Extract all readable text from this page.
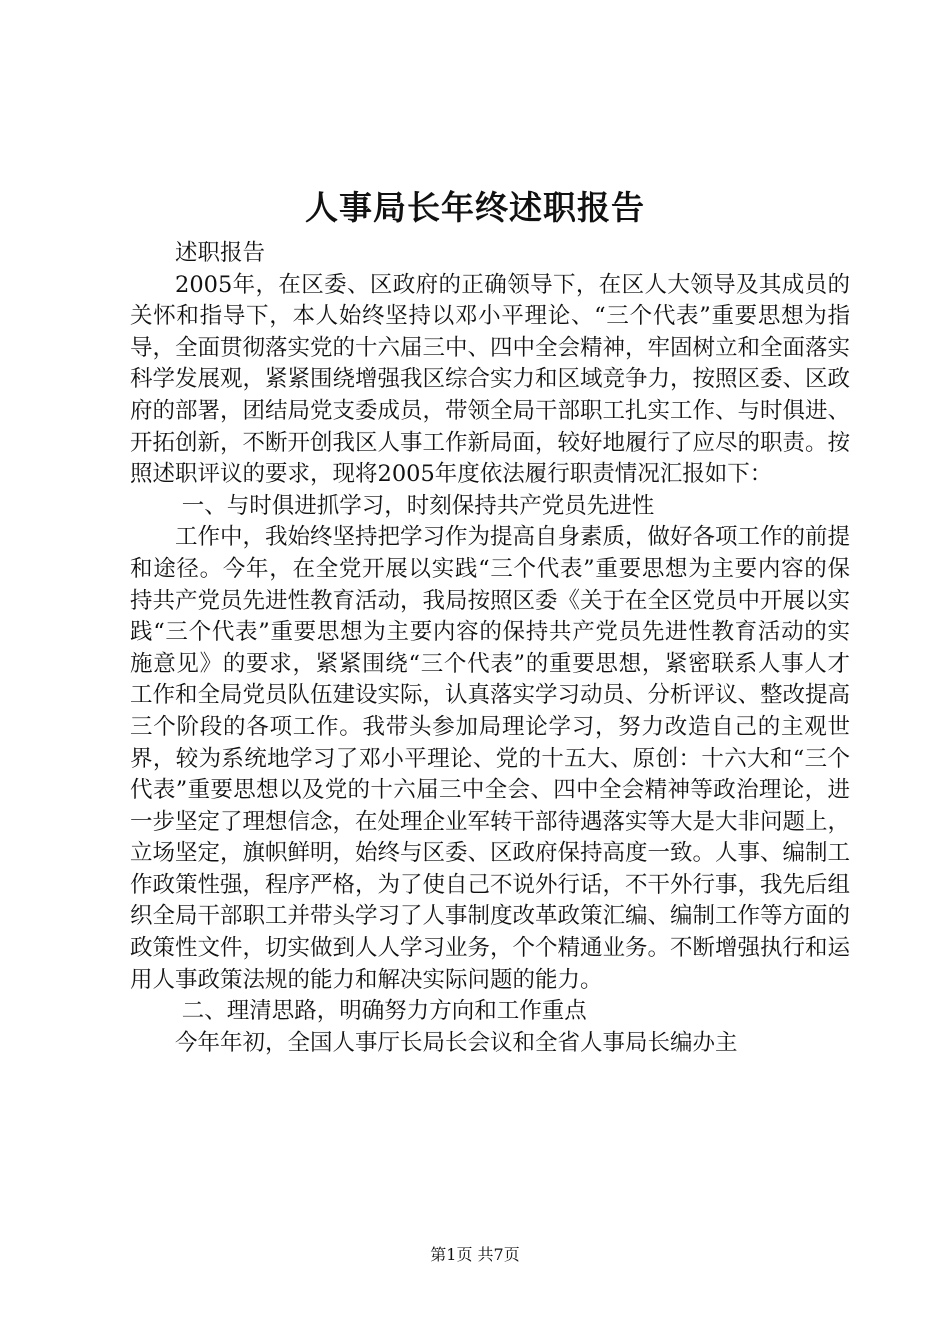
人事局长年终述职报告

述职报告

2005年，在区委、区政府的正确领导下，在区人大领导及其成员的关怀和指导下，本人始终坚持以邓小平理论、“三个代表”重要思想为指导，全面贯彻落实党的十六届三中、四中全会精神，牢固树立和全面落实科学发展观，紧紧围绕增强我区综合实力和区域竞争力，按照区委、区政府的部署，团结局党支委成员，带领全局干部职工扎实工作、与时俱进、开拓创新，不断开创我区人事工作新局面，较好地履行了应尽的职责。按照述职评议的要求，现将2005年度依法履行职责情况汇报如下：

一、与时俱进抓学习，时刻保持共产党员先进性

工作中，我始终坚持把学习作为提高自身素质，做好各项工作的前提和途径。今年，在全党开展以实践“三个代表”重要思想为主要内容的保持共产党员先进性教育活动，我局按照区委《关于在全区党员中开展以实践“三个代表”重要思想为主要内容的保持共产党员先进性教育活动的实施意见》的要求，紧紧围绕“三个代表”的重要思想，紧密联系人事人才工作和全局党员队伍建设实际，认真落实学习动员、分析评议、整改提高三个阶段的各项工作。我带头参加局理论学习，努力改造自己的主观世界，较为系统地学习了邓小平理论、党的十五大、原创：十六大和“三个代表”重要思想以及党的十六届三中全会、四中全会精神等政治理论，进一步坚定了理想信念，在处理企业军转干部待遇落实等大是大非问题上，立场坚定，旗帜鲜明，始终与区委、区政府保持高度一致。人事、编制工作政策性强，程序严格，为了使自己不说外行话，不干外行事，我先后组织全局干部职工并带头学习了人事制度改革政策汇编、编制工作等方面的政策性文件，切实做到人人学习业务，个个精通业务。不断增强执行和运用人事政策法规的能力和解决实际问题的能力。

二、理清思路，明确努力方向和工作重点

今年年初，全国人事厅长局长会议和全省人事局长编办主

第1页 共7页
